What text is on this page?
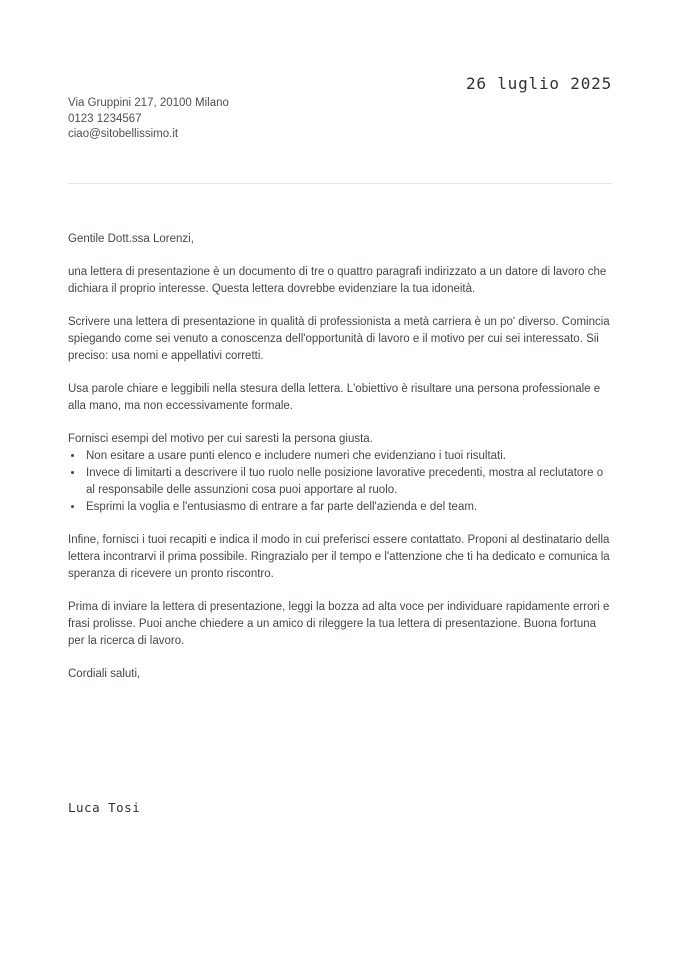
26 luglio 2025
Via Gruppini 217, 20100 Milano
0123 1234567
ciao@sitobellissimo.it

Gentile Dott.ssa Lorenzi,

una lettera di presentazione è un documento di tre o quattro paragrafi indirizzato a un datore di lavoro che dichiara il proprio interesse. Questa lettera dovrebbe evidenziare la tua idoneità.

Scrivere una lettera di presentazione in qualità di professionista a metà carriera è un po' diverso. Comincia spiegando come sei venuto a conoscenza dell'opportunità di lavoro e il motivo per cui sei interessato. Sii preciso: usa nomi e appellativi corretti.

Usa parole chiare e leggibili nella stesura della lettera. L'obiettivo è risultare una persona professionale e alla mano, ma non eccessivamente formale.

Fornisci esempi del motivo per cui saresti la persona giusta.

• Non esitare a usare punti elenco e includere numeri che evidenziano i tuoi risultati.
• Invece di limitarti a descrivere il tuo ruolo nelle posizione lavorative precedenti, mostra al reclutatore o al responsabile delle assunzioni cosa puoi apportare al ruolo.
• Esprimi la voglia e l'entusiasmo di entrare a far parte dell'azienda e del team.

Infine, fornisci i tuoi recapiti e indica il modo in cui preferisci essere contattato. Proponi al destinatario della lettera incontrarvi il prima possibile. Ringrazialo per il tempo e l'attenzione che ti ha dedicato e comunica la speranza di ricevere un pronto riscontro.

Prima di inviare la lettera di presentazione, leggi la bozza ad alta voce per individuare rapidamente errori e frasi prolisse. Puoi anche chiedere a un amico di rileggere la tua lettera di presentazione. Buona fortuna per la ricerca di lavoro.

Cordiali saluti,

Luca Tosi
